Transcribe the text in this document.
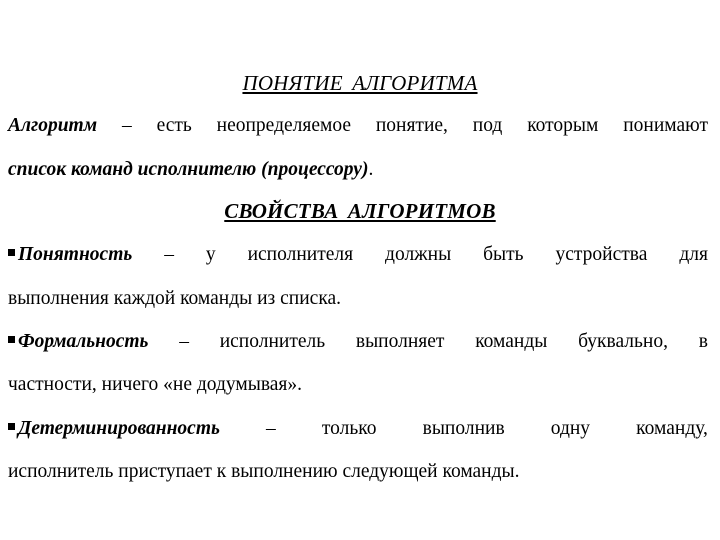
ПОНЯТИЕ АЛГОРИТМА
Алгоритм – есть неопределяемое понятие, под которым понимают
список команд исполнителю (процессору).
СВОЙСТВА АЛГОРИТМОВ
Понятность – у исполнителя должны быть устройства для
выполнения каждой команды из списка.
Формальность – исполнитель выполняет команды буквально, в
частности, ничего «не додумывая».
Детерминированность – только выполнив одну команду,
исполнитель приступает к выполнению следующей команды.
